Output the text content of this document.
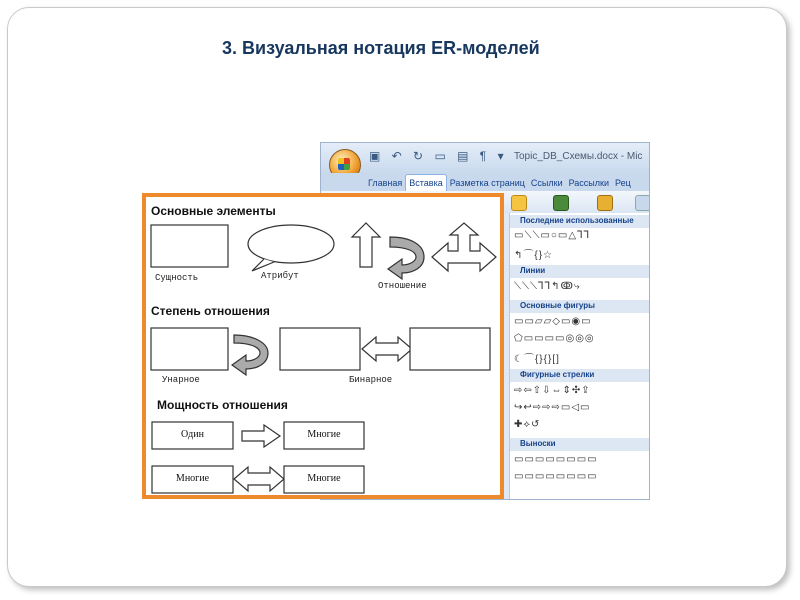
3. Визуальная нотация ER-моделей
▣ ↶ ↻ ▭ ▤ ¶ ▾ Topic_DB_Схемы.docx - Mic
Главная Вставка Разметка страниц Ссылки Рассылки Рец
Последние использованные
▭⟍⟍▭○▭△⅂⅂
↰⌒{}☆
Линии
⟍⟍⟍⅂⅂↰ↂ⤷
Основные фигуры
▭▭▱▱◇▭◉▭
⬠▭▭▭▭◎◎◎
☾⌒{}{}[]
Фигурные стрелки
⇨⇦⇧⇩⇔⇕✣⇪
↪↩⇨⇨⇨▭◁▭
✚⟡↺
Выноски
▭▭▭▭▭▭▭▭
▭▭▭▭▭▭▭▭
Основные элементы
Сущность	Атрибут
Отношение
Степень отношения
Унарное	Бинарное
Мощность отношения
Один	Многие
Многие	Многие
